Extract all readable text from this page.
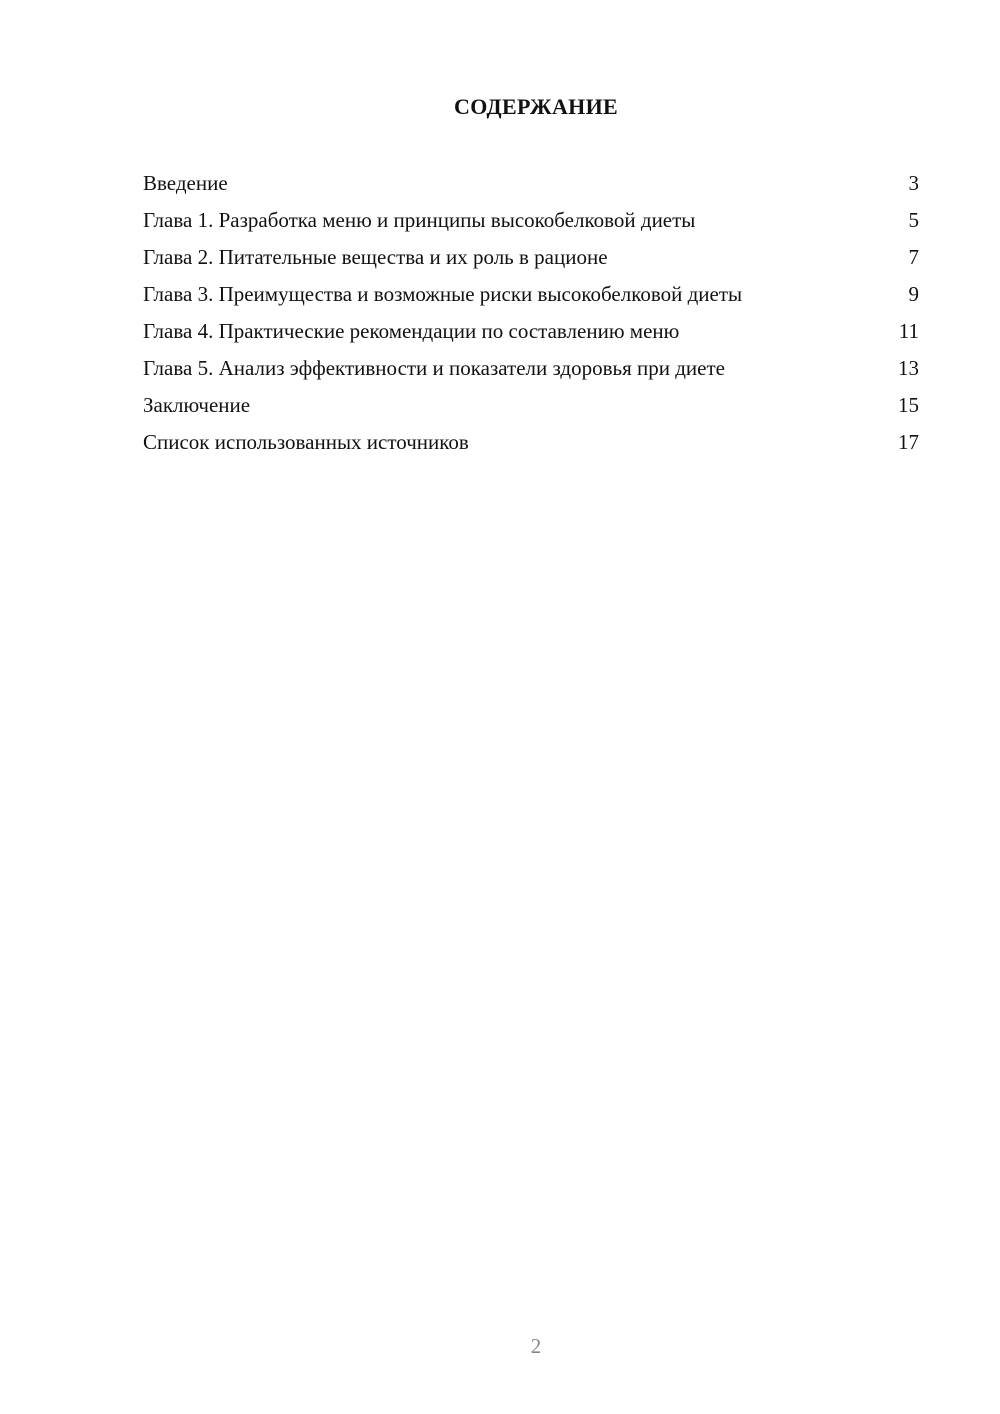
СОДЕРЖАНИЕ
Введение	3
Глава 1. Разработка меню и принципы высокобелковой диеты	5
Глава 2. Питательные вещества и их роль в рационе	7
Глава 3. Преимущества и возможные риски высокобелковой диеты	9
Глава 4. Практические рекомендации по составлению меню	11
Глава 5. Анализ эффективности и показатели здоровья при диете	13
Заключение	15
Список использованных источников	17
2
